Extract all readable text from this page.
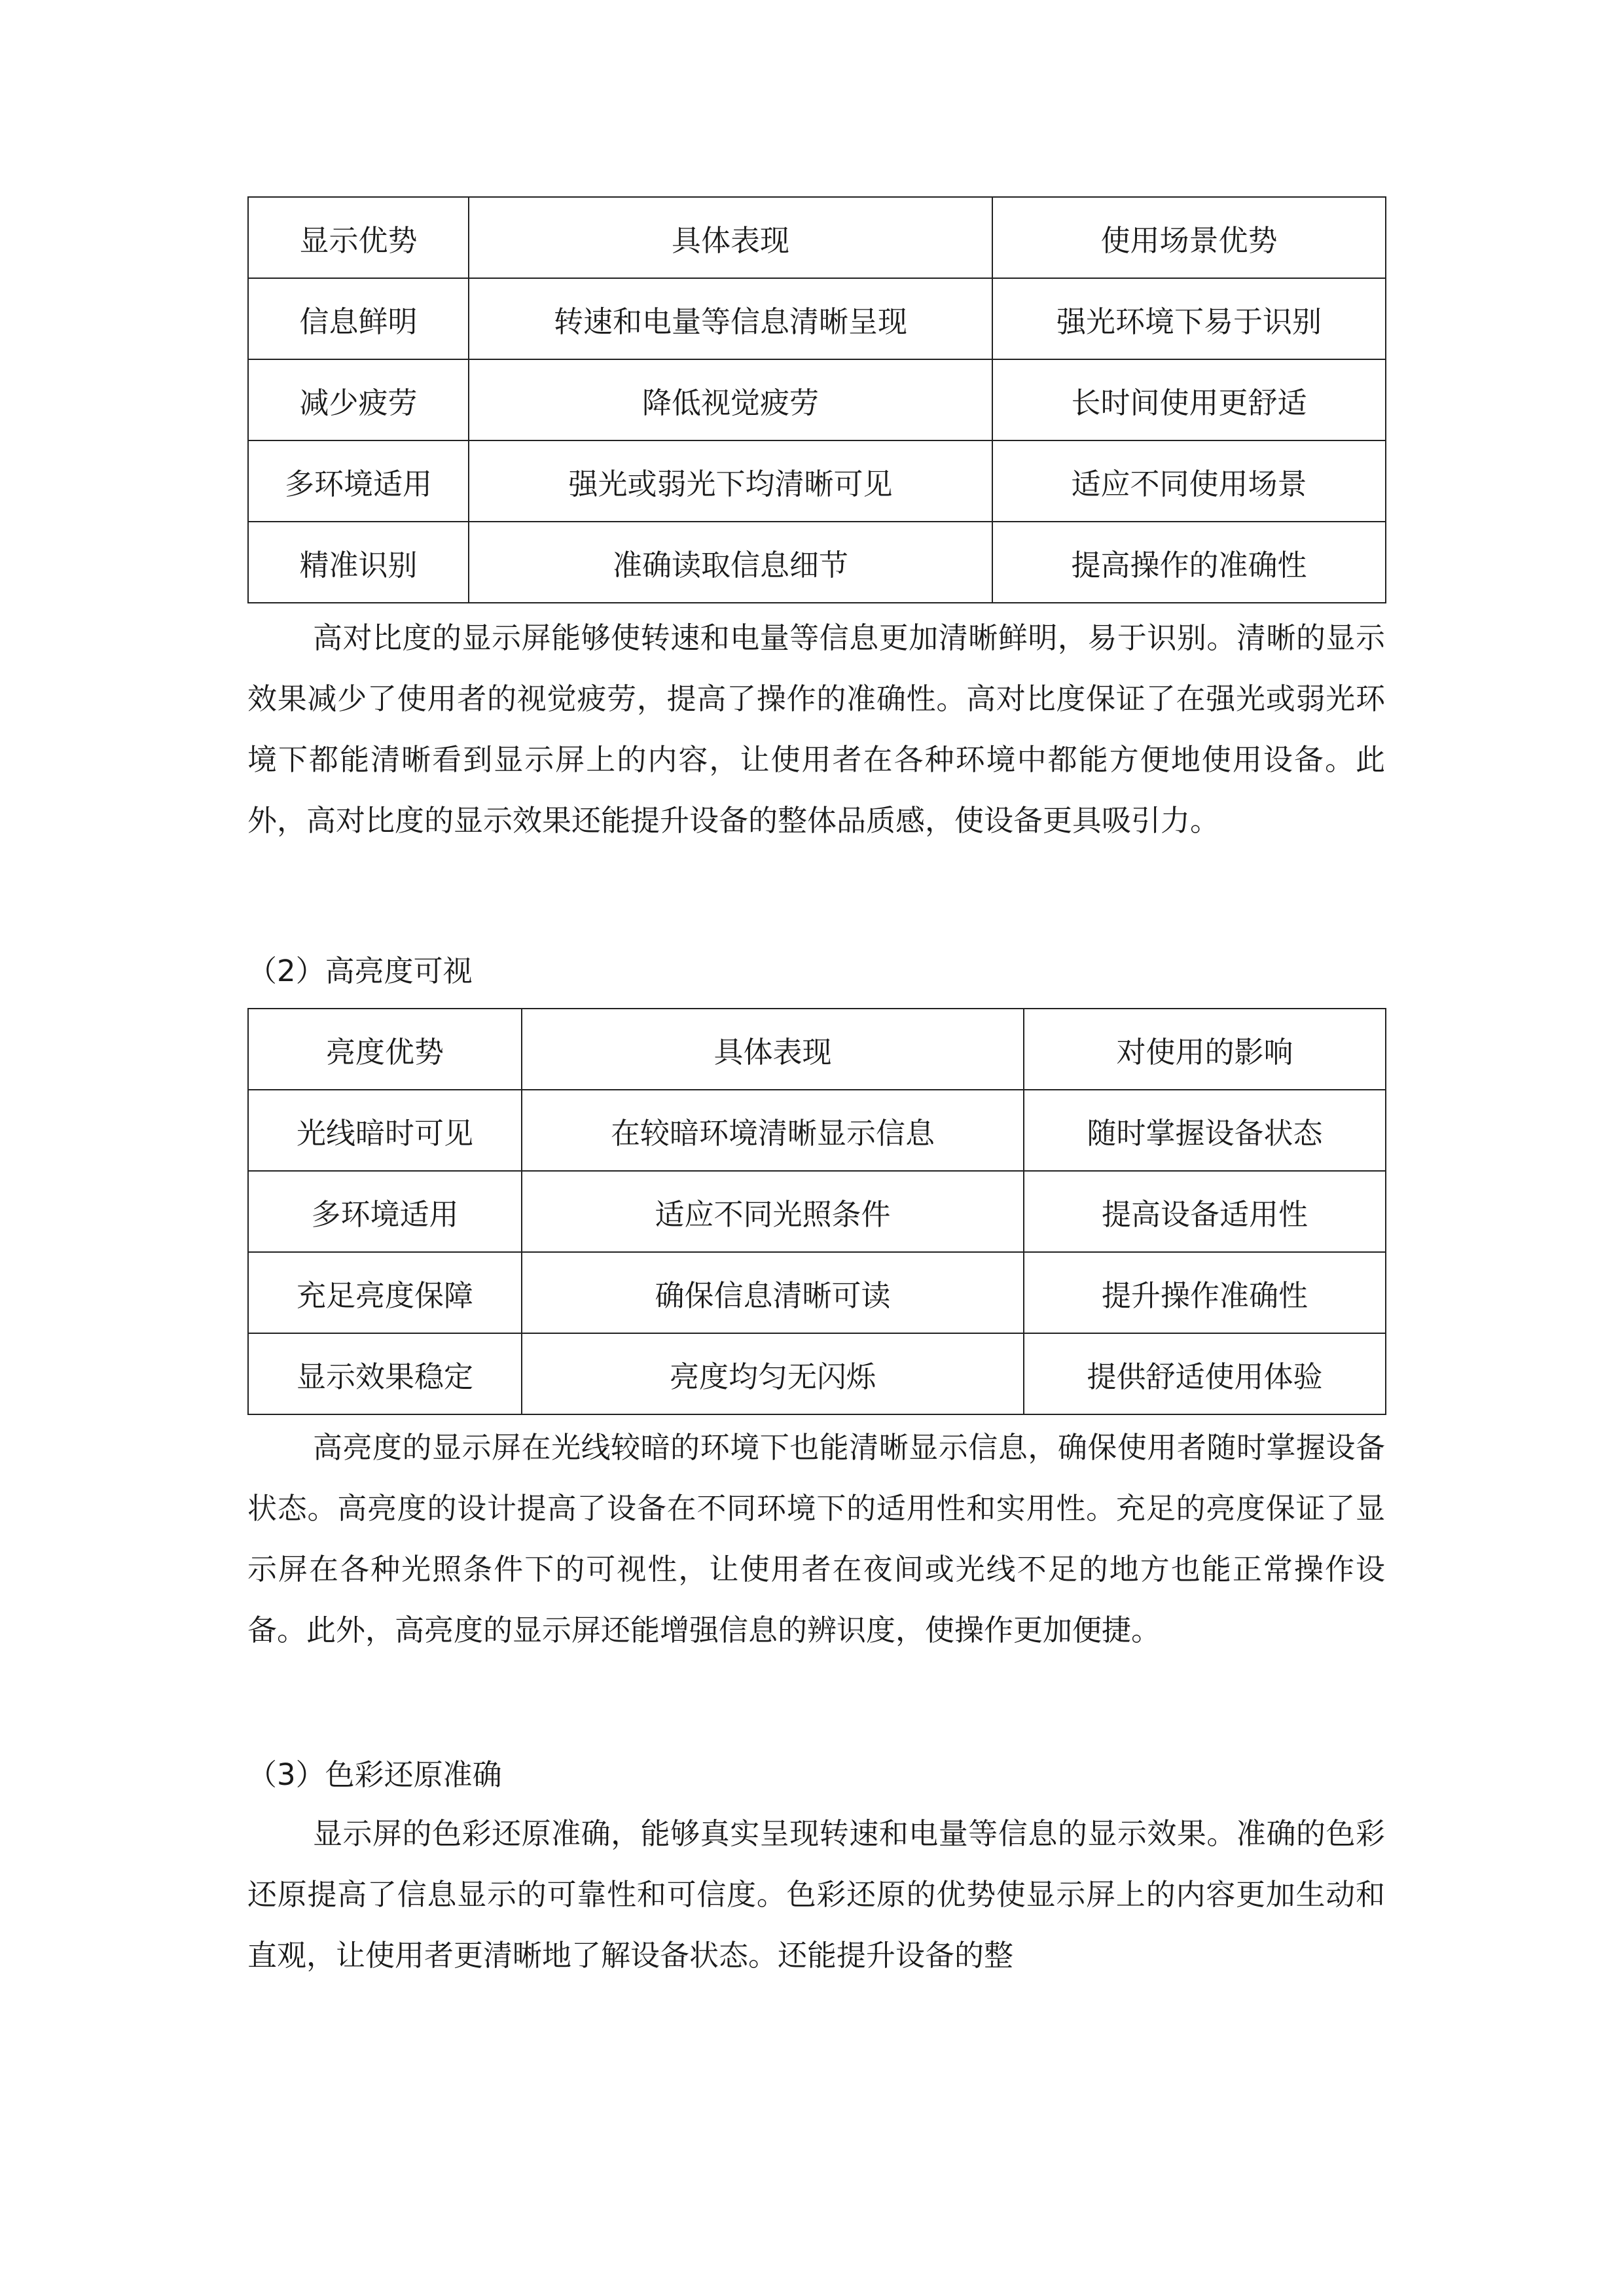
显示优势	具体表现	使用场景优势
信息鲜明	转速和电量等信息清晰呈现	强光环境下易于识别
减少疲劳	降低视觉疲劳	长时间使用更舒适
多环境适用	强光或弱光下均清晰可见	适应不同使用场景
精准识别	准确读取信息细节	提高操作的准确性

高对比度的显示屏能够使转速和电量等信息更加清晰鲜明，易于识别。清晰的显示效果减少了使用者的视觉疲劳，提高了操作的准确性。高对比度保证了在强光或弱光环境下都能清晰看到显示屏上的内容，让使用者在各种环境中都能方便地使用设备。此外，高对比度的显示效果还能提升设备的整体品质感，使设备更具吸引力。

（2）高亮度可视

亮度优势	具体表现	对使用的影响
光线暗时可见	在较暗环境清晰显示信息	随时掌握设备状态
多环境适用	适应不同光照条件	提高设备适用性
充足亮度保障	确保信息清晰可读	提升操作准确性
显示效果稳定	亮度均匀无闪烁	提供舒适使用体验

高亮度的显示屏在光线较暗的环境下也能清晰显示信息，确保使用者随时掌握设备状态。高亮度的设计提高了设备在不同环境下的适用性和实用性。充足的亮度保证了显示屏在各种光照条件下的可视性，让使用者在夜间或光线不足的地方也能正常操作设备。此外，高亮度的显示屏还能增强信息的辨识度，使操作更加便捷。

（3）色彩还原准确

显示屏的色彩还原准确，能够真实呈现转速和电量等信息的显示效果。准确的色彩还原提高了信息显示的可靠性和可信度。色彩还原的优势使显示屏上的内容更加生动和直观，让使用者更清晰地了解设备状态。还能提升设备的整
